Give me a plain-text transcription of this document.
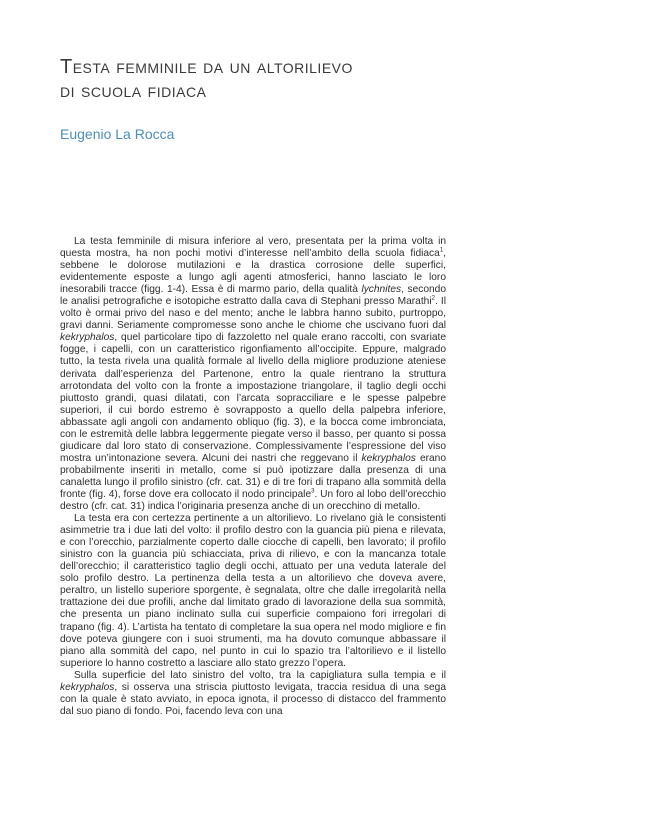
Testa femminile da un altorilievo
di scuola fidiaca
Eugenio La Rocca

La testa femminile di misura inferiore al vero, presentata per la prima volta in questa mostra, ha non pochi motivi d’interesse nell’ambito della scuola fidiaca$^1$, sebbene le dolorose mutilazioni e la drastica corrosione delle superfici, evidentemente esposte a lungo agli agenti atmosferici, hanno lasciato le loro inesorabili tracce (figg. 1-4). Essa è di marmo pario, della qualità lychnites, secondo le analisi petrografiche e isotopiche estratto dalla cava di Stephani presso Marathi$^2$. Il volto è ormai privo del naso e del mento; anche le labbra hanno subito, purtroppo, gravi danni. Seriamente compromesse sono anche le chiome che uscivano fuori dal kekryphalos, quel particolare tipo di fazzoletto nel quale erano raccolti, con svariate fogge, i capelli, con un caratteristico rigonfiamento all’occipite. Eppure, malgrado tutto, la testa rivela una qualità formale al livello della migliore produzione ateniese derivata dall’esperienza del Partenone, entro la quale rientrano la struttura arrotondata del volto con la fronte a impostazione triangolare, il taglio degli occhi piuttosto grandi, quasi dilatati, con l’arcata sopracciliare e le spesse palpebre superiori, il cui bordo estremo è sovrapposto a quello della palpebra inferiore, abbassate agli angoli con andamento obliquo (fig. 3), e la bocca come imbronciata, con le estremità delle labbra leggermente piegate verso il basso, per quanto si possa giudicare dal loro stato di conservazione. Complessivamente l’espressione del viso mostra un’intonazione severa. Alcuni dei nastri che reggevano il kekryphalos erano probabilmente inseriti in metallo, come si può ipotizzare dalla presenza di una canaletta lungo il profilo sinistro (cfr. cat. 31) e di tre fori di trapano alla sommità della fronte (fig. 4), forse dove era collocato il nodo principale$^3$. Un foro al lobo dell’orecchio destro (cfr. cat. 31) indica l’originaria presenza anche di un orecchino di metallo.

La testa era con certezza pertinente a un altorilievo. Lo rivelano già le consistenti asimmetrie tra i due lati del volto: il profilo destro con la guancia più piena e rilevata, e con l’orecchio, parzialmente coperto dalle ciocche di capelli, ben lavorato; il profilo sinistro con la guancia più schiacciata, priva di rilievo, e con la mancanza totale dell’orecchio; il caratteristico taglio degli occhi, attuato per una veduta laterale del solo profilo destro. La pertinenza della testa a un altorilievo che doveva avere, peraltro, un listello superiore sporgente, è segnalata, oltre che dalle irregolarità nella trattazione dei due profili, anche dal limitato grado di lavorazione della sua sommità, che presenta un piano inclinato sulla cui superficie compaiono fori irregolari di trapano (fig. 4). L’artista ha tentato di completare la sua opera nel modo migliore e fin dove poteva giungere con i suoi strumenti, ma ha dovuto comunque abbassare il piano alla sommità del capo, nel punto in cui lo spazio tra l’altorilievo e il listello superiore lo hanno costretto a lasciare allo stato grezzo l’opera.

Sulla superficie del lato sinistro del volto, tra la capigliatura sulla tempia e il kekryphalos, si osserva una striscia piuttosto levigata, traccia residua di una sega con la quale è stato avviato, in epoca ignota, il processo di distacco del frammento dal suo piano di fondo. Poi, facendo leva con una
